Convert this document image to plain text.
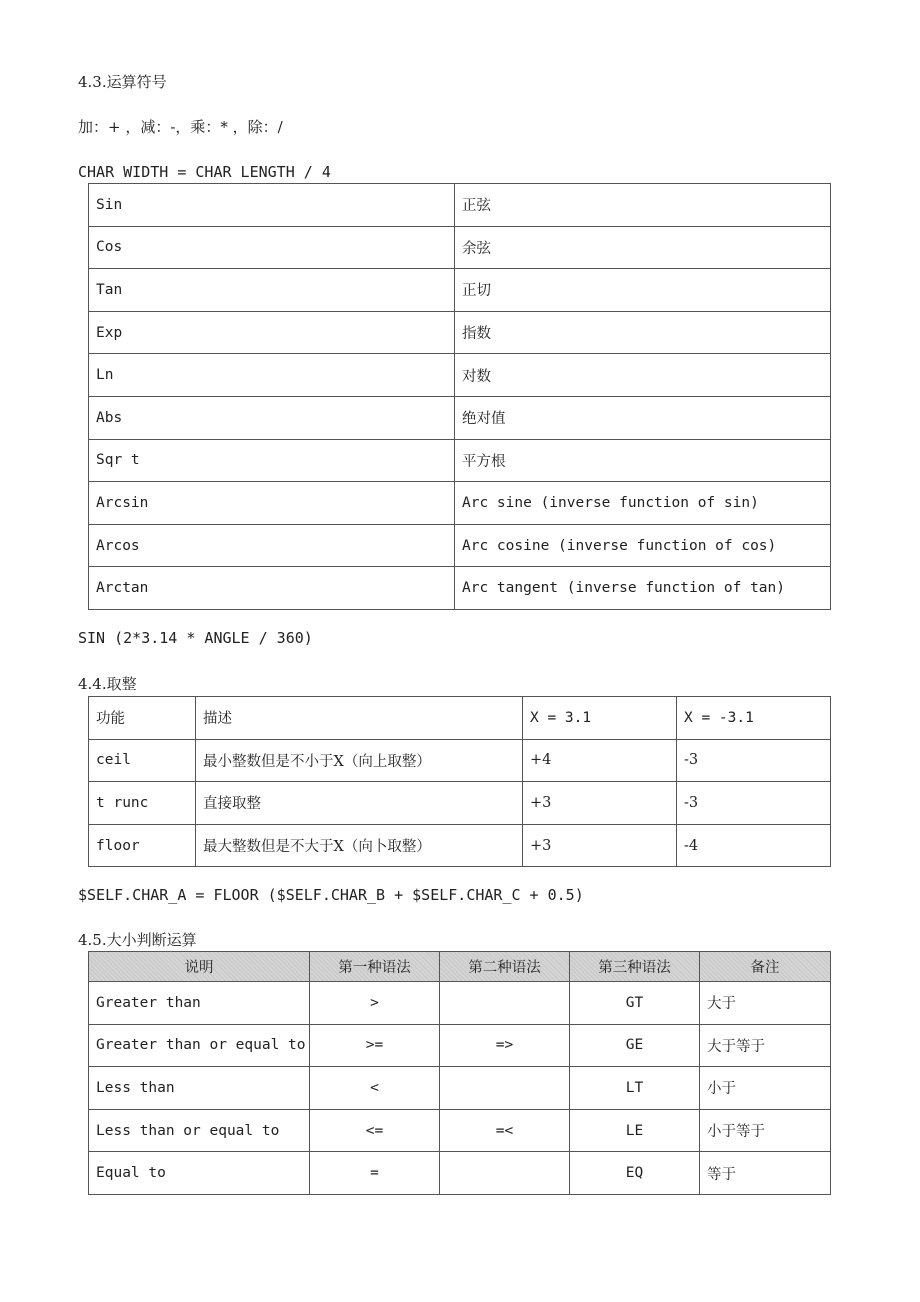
4.3.运算符号
加：+ ，减：-，乘：* ，除：/
CHAR WIDTH = CHAR LENGTH / 4
Sin	正弦
Cos	余弦
Tan	正切
Exp	指数
Ln	对数
Abs	绝对值
Sqr t	平方根
Arcsin	Arc sine (inverse function of sin)
Arcos	Arc cosine (inverse function of cos)
Arctan	Arc tangent (inverse function of tan)
SIN (2*3.14 * ANGLE / 360)
4.4.取整
功能	描述	X = 3.1	X = -3.1
ceil	最小整数但是不小于X（向上取整）	+4	-3
t runc	直接取整	+3	-3
floor	最大整数但是不大于X（向卜取整）	+3	-4
$SELF.CHAR_A = FLOOR ($SELF.CHAR_B + $SELF.CHAR_C + 0.5)
4.5.大小判断运算
说明	第一种语法	第二种语法	第三种语法	备注
Greater than	>		GT	大于
Greater than or equal to	>=	=>	GE	大于等于
Less than	<		LT	小于
Less than or equal to	<=	=<	LE	小于等于
Equal to	=		EQ	等于
